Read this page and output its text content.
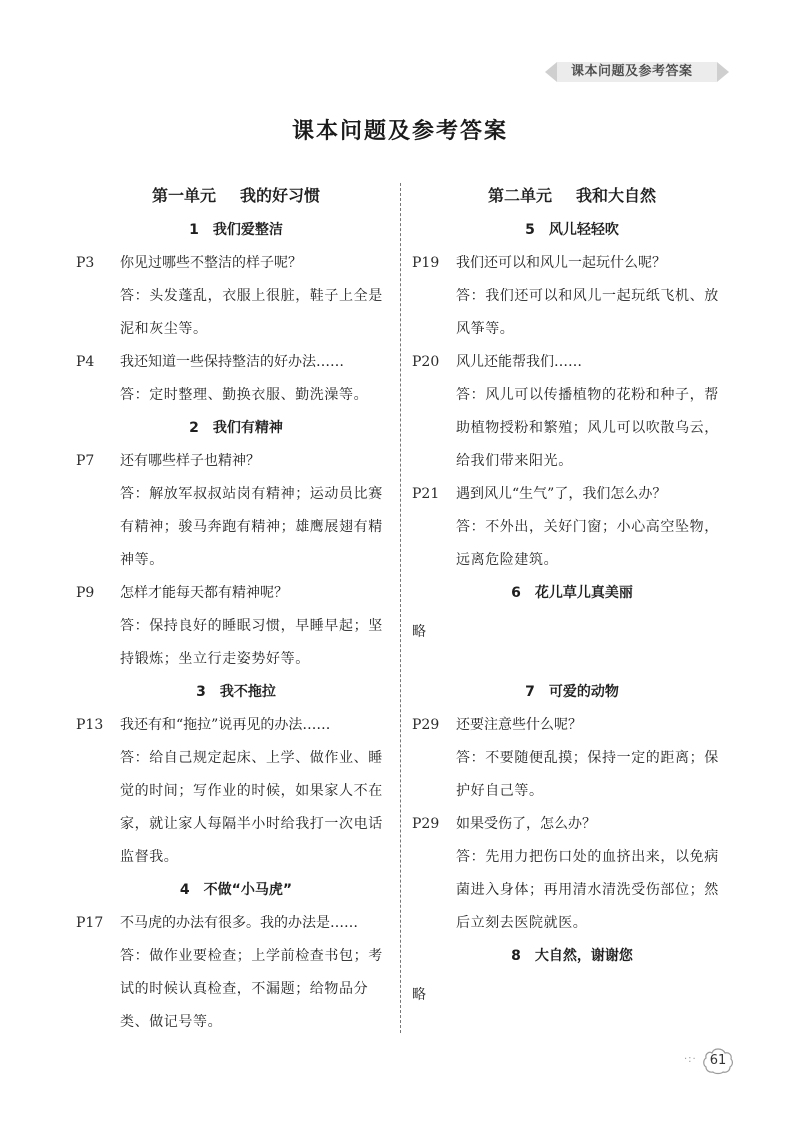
课本问题及参考答案
课本问题及参考答案
第一单元 我的好习惯
1 我们爱整洁
P3	你见过哪些不整洁的样子呢？
答：头发蓬乱，衣服上很脏，鞋子上全是泥和灰尘等。
P4	我还知道一些保持整洁的好办法……
答：定时整理、勤换衣服、勤洗澡等。
2 我们有精神
P7	还有哪些样子也精神？
答：解放军叔叔站岗有精神；运动员比赛有精神；骏马奔跑有精神；雄鹰展翅有精神等。
P9	怎样才能每天都有精神呢？
答：保持良好的睡眠习惯，早睡早起；坚持锻炼；坐立行走姿势好等。
3 我不拖拉
P13	我还有和“拖拉”说再见的办法……
答：给自己规定起床、上学、做作业、睡觉的时间；写作业的时候，如果家人不在家，就让家人每隔半小时给我打一次电话监督我。
4 不做“小马虎”
P17	不马虎的办法有很多。我的办法是……
答：做作业要检查；上学前检查书包；考试的时候认真检查，不漏题；给物品分类、做记号等。
第二单元 我和大自然
5 风儿轻轻吹
P19	我们还可以和风儿一起玩什么呢？
答：我们还可以和风儿一起玩纸飞机、放风筝等。
P20	风儿还能帮我们……
答：风儿可以传播植物的花粉和种子，帮助植物授粉和繁殖；风儿可以吹散乌云，给我们带来阳光。
P21	遇到风儿“生气”了，我们怎么办？
答：不外出，关好门窗；小心高空坠物，远离危险建筑。
6 花儿草儿真美丽
略
7 可爱的动物
P29	还要注意些什么呢？
答：不要随便乱摸；保持一定的距离；保护好自己等。
P29	如果受伤了，怎么办？
答：先用力把伤口处的血挤出来，以免病菌进入身体；再用清水清洗受伤部位；然后立刻去医院就医。
8 大自然，谢谢您
略
·:· 61
